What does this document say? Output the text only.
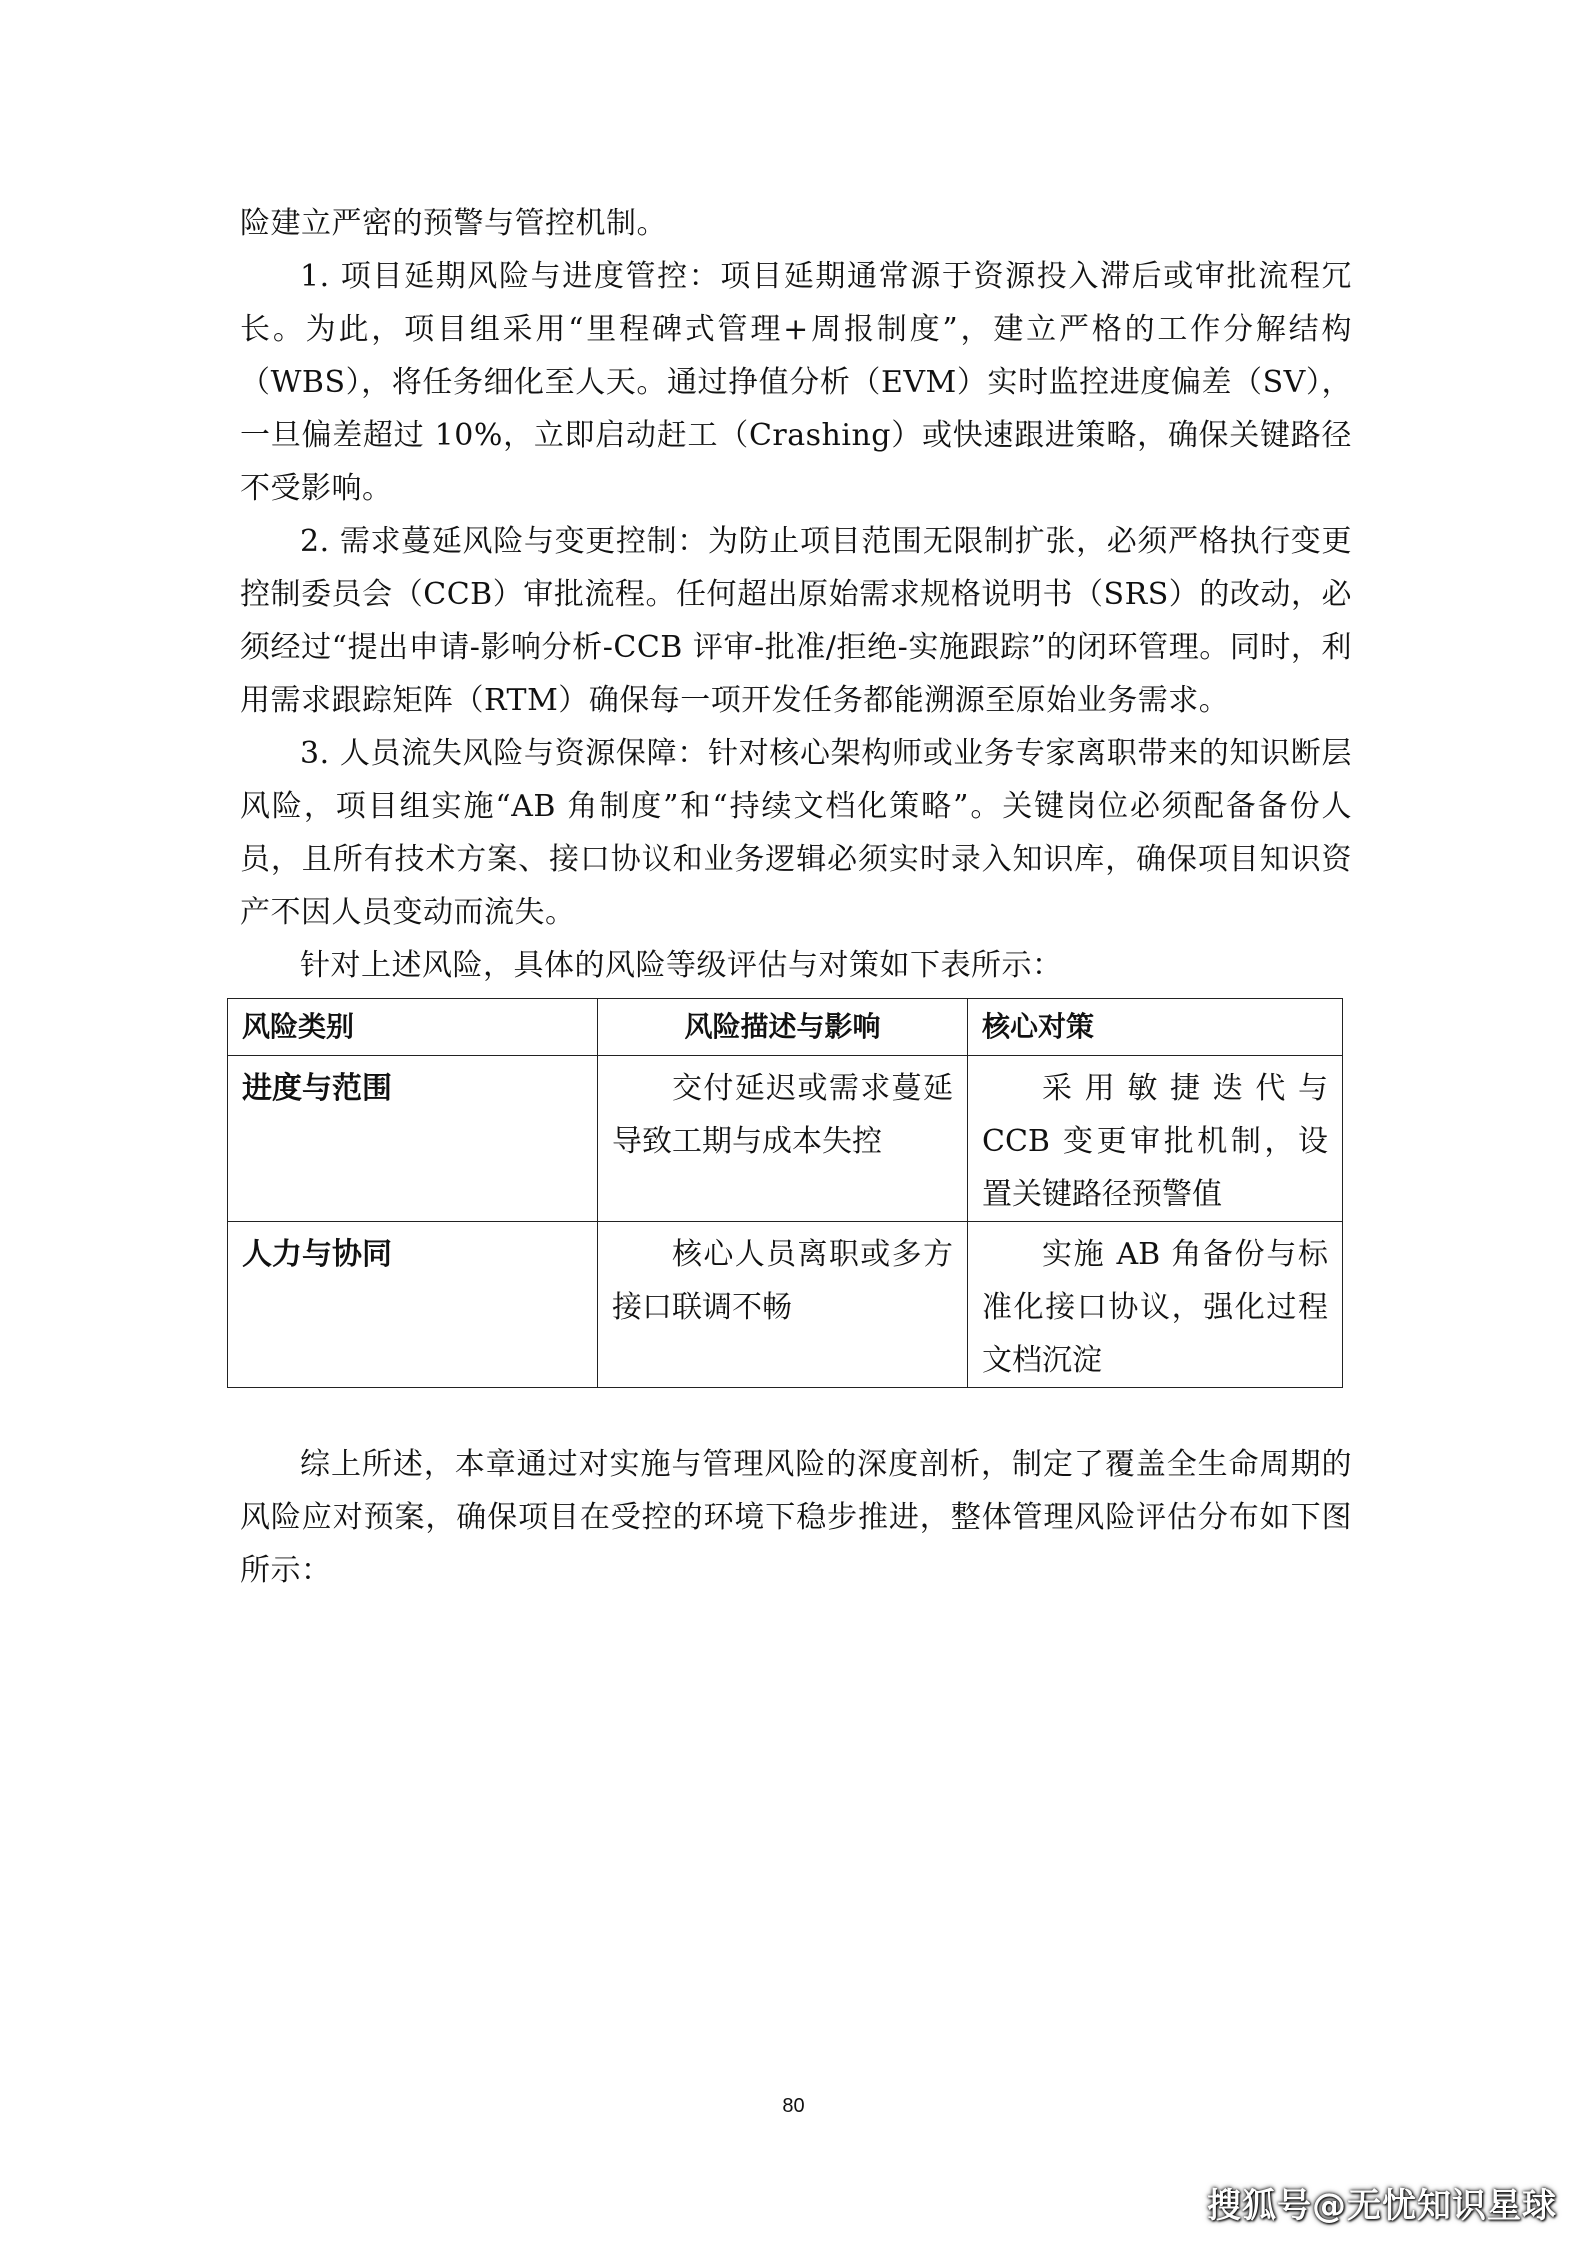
险建立严密的预警与管控机制。

1. 项目延期风险与进度管控：项目延期通常源于资源投入滞后或审批流程冗长。为此，项目组采用“里程碑式管理+周报制度”，建立严格的工作分解结构（WBS），将任务细化至人天。通过挣值分析（EVM）实时监控进度偏差（SV），一旦偏差超过 10%，立即启动赶工（Crashing）或快速跟进策略，确保关键路径不受影响。

2. 需求蔓延风险与变更控制：为防止项目范围无限制扩张，必须严格执行变更控制委员会（CCB）审批流程。任何超出原始需求规格说明书（SRS）的改动，必须经过“提出申请-影响分析-CCB 评审-批准/拒绝-实施跟踪”的闭环管理。同时，利用需求跟踪矩阵（RTM）确保每一项开发任务都能溯源至原始业务需求。

3. 人员流失风险与资源保障：针对核心架构师或业务专家离职带来的知识断层风险，项目组实施“AB 角制度”和“持续文档化策略”。关键岗位必须配备备份人员，且所有技术方案、接口协议和业务逻辑必须实时录入知识库，确保项目知识资产不因人员变动而流失。

针对上述风险，具体的风险等级评估与对策如下表所示：

风险类别	风险描述与影响	核心对策
进度与范围	交付延迟或需求蔓延导致工期与成本失控	采用敏捷迭代与 CCB 变更审批机制，设置关键路径预警值
人力与协同	核心人员离职或多方接口联调不畅	实施 AB 角备份与标准化接口协议，强化过程文档沉淀

综上所述，本章通过对实施与管理风险的深度剖析，制定了覆盖全生命周期的风险应对预案，确保项目在受控的环境下稳步推进，整体管理风险评估分布如下图所示：

80
搜狐号@无忧知识星球
